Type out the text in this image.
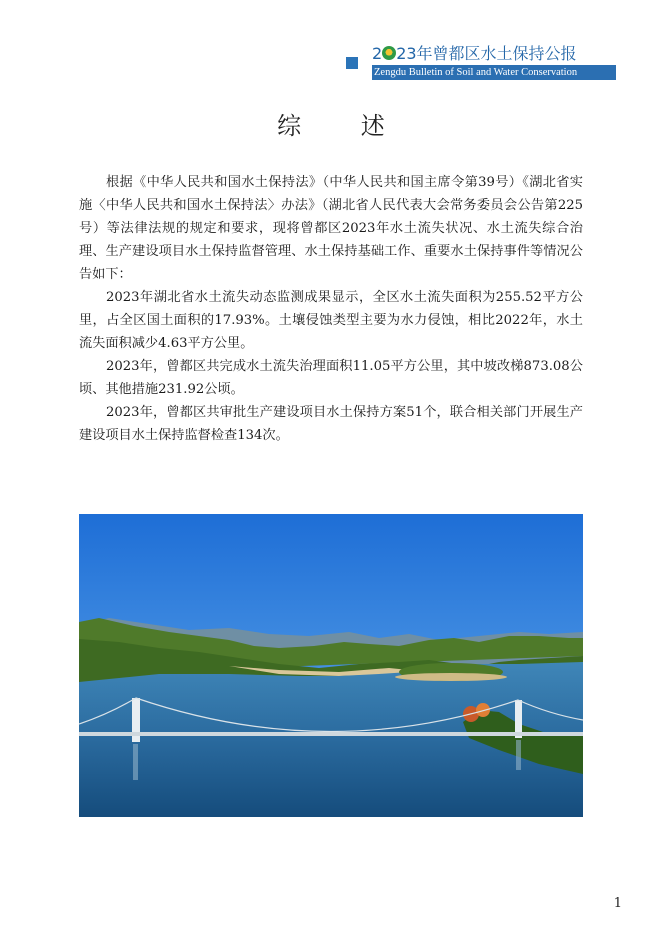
2 23年曾都区水土保持公报
Zengdu Bulletin of Soil and Water Conservation
综 述

根据《中华人民共和国水土保持法》（中华人民共和国主席令第39号）《湖北省实施〈中华人民共和国水土保持法〉办法》（湖北省人民代表大会常务委员会公告第225号）等法律法规的规定和要求，现将曾都区2023年水土流失状况、水土流失综合治理、生产建设项目水土保持监督管理、水土保持基础工作、重要水土保持事件等情况公告如下：

2023年湖北省水土流失动态监测成果显示，全区水土流失面积为255.52平方公里，占全区国土面积的17.93%。土壤侵蚀类型主要为水力侵蚀，相比2022年，水土流失面积减少4.63平方公里。

2023年，曾都区共完成水土流失治理面积11.05平方公里，其中坡改梯873.08公顷、其他措施231.92公顷。

2023年，曾都区共审批生产建设项目水土保持方案51个，联合相关部门开展生产建设项目水土保持监督检查134次。

1
